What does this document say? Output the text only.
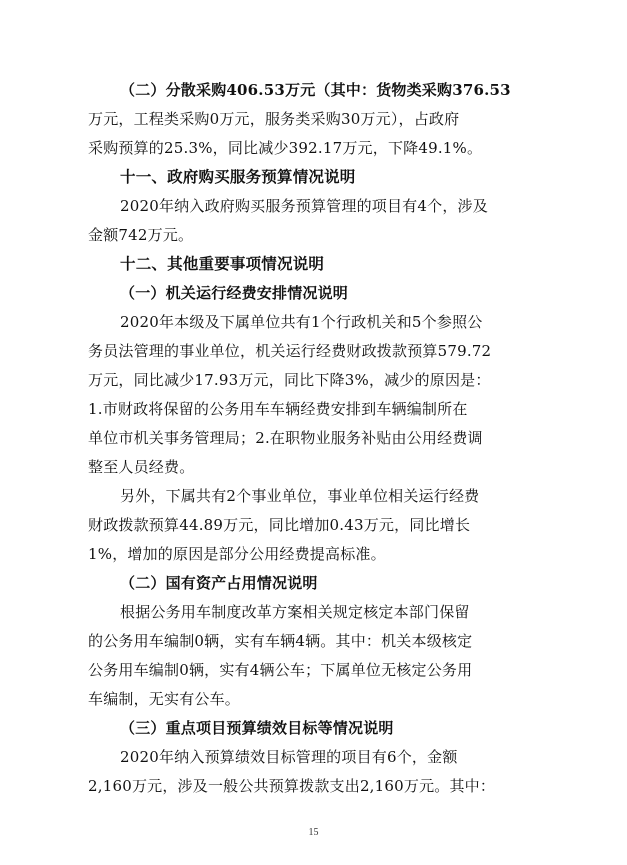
（二）分散采购406.53万元（其中：货物类采购376.53
万元，工程类采购0万元，服务类采购30万元），占政府
采购预算的25.3%，同比减少392.17万元，下降49.1%。
十一、政府购买服务预算情况说明
2020年纳入政府购买服务预算管理的项目有4个，涉及
金额742万元。
十二、其他重要事项情况说明
（一）机关运行经费安排情况说明
2020年本级及下属单位共有1个行政机关和5个参照公
务员法管理的事业单位，机关运行经费财政拨款预算579.72
万元，同比减少17.93万元，同比下降3%，减少的原因是：
1.市财政将保留的公务用车车辆经费安排到车辆编制所在
单位市机关事务管理局；2.在职物业服务补贴由公用经费调
整至人员经费。
另外，下属共有2个事业单位，事业单位相关运行经费
财政拨款预算44.89万元，同比增加0.43万元，同比增长
1%，增加的原因是部分公用经费提高标准。
（二）国有资产占用情况说明
根据公务用车制度改革方案相关规定核定本部门保留
的公务用车编制0辆，实有车辆4辆。其中：机关本级核定
公务用车编制0辆，实有4辆公车；下属单位无核定公务用
车编制，无实有公车。
（三）重点项目预算绩效目标等情况说明
2020年纳入预算绩效目标管理的项目有6个，金额
2,160万元，涉及一般公共预算拨款支出2,160万元。其中：
15
